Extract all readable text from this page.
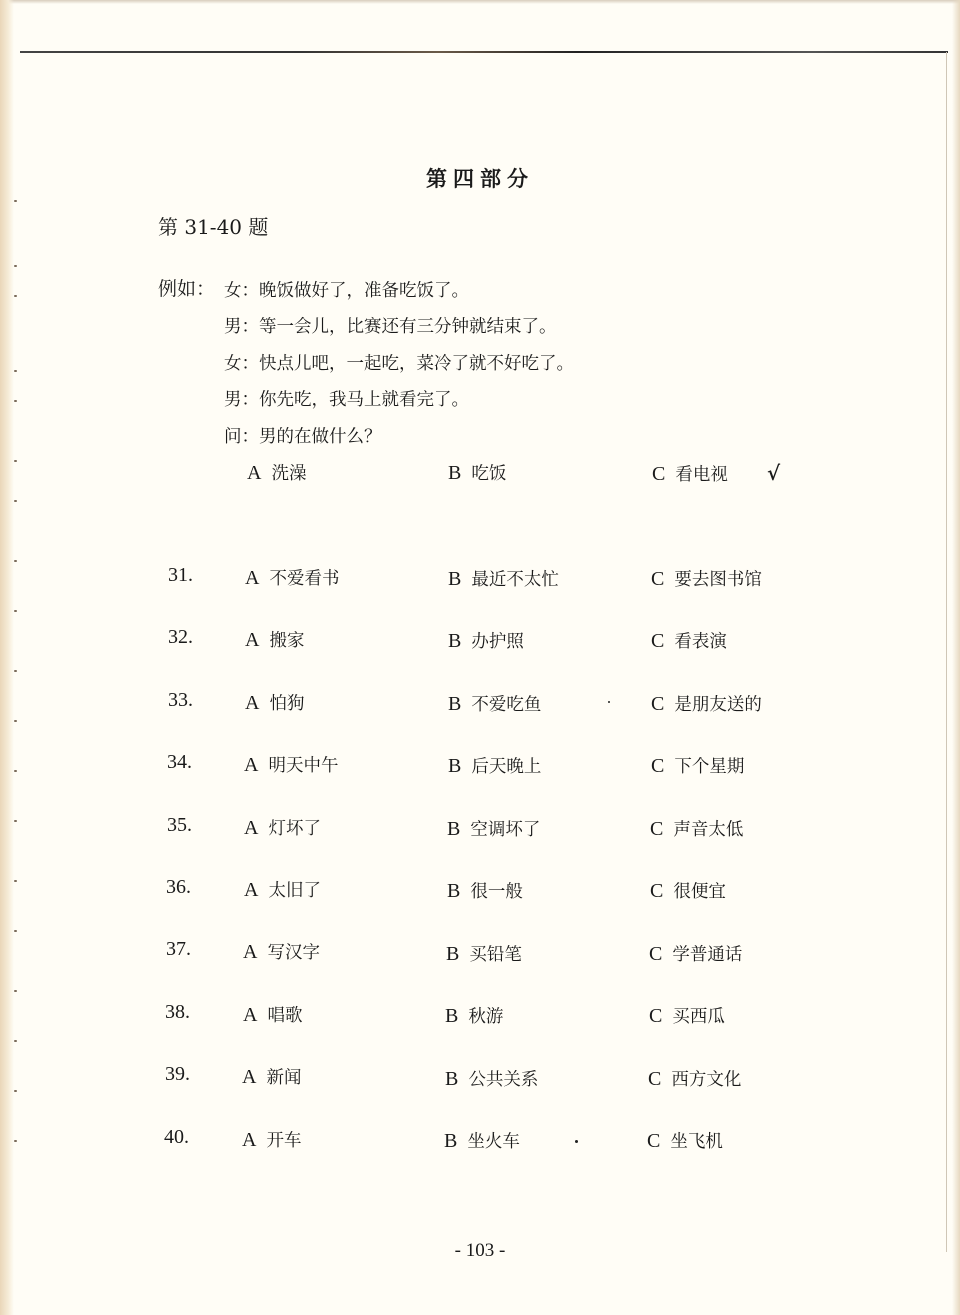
第四部分
第 31-40 题
例如： 女：晚饭做好了，准备吃饭了。
男：等一会儿，比赛还有三分钟就结束了。
女：快点儿吧，一起吃，菜冷了就不好吃了。
男：你先吃，我马上就看完了。
问：男的在做什么？
A 洗澡	B 吃饭	C 看电视 √
31.	A 不爱看书	B 最近不太忙	C 要去图书馆
32.	A 搬家	B 办护照	C 看表演
33.	A 怕狗	B 不爱吃鱼	C 是朋友送的
34.	A 明天中午	B 后天晚上	C 下个星期
35.	A 灯坏了	B 空调坏了	C 声音太低
36.	A 太旧了	B 很一般	C 很便宜
37.	A 写汉字	B 买铅笔	C 学普通话
38.	A 唱歌	B 秋游	C 买西瓜
39.	A 新闻	B 公共关系	C 西方文化
40.	A 开车	B 坐火车	C 坐飞机
- 103 -
